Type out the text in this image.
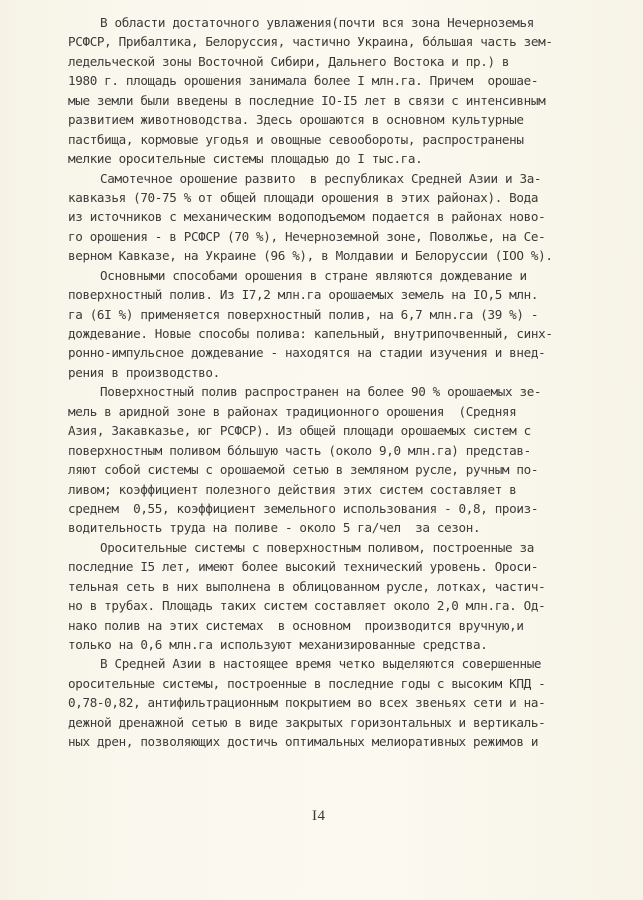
В области достаточного увлажения(почти вся зона Нечерноземья
РСФСР, Прибалтика, Белоруссия, частично Украина, бо́льшая часть зем-
ледельческой зоны Восточной Сибири, Дальнего Востока и пр.) в
1980 г. площадь орошения занимала более I млн.га. Причем  орошае-
мые земли были введены в последние IO-I5 лет в связи с интенсивным
развитием животноводства. Здесь орошаются в основном культурные
пастбища, кормовые угодья и овощные севообороты, распространены
мелкие оросительные системы площадью до I тыс.га.
Самотечное орошение развито  в республиках Средней Азии и За-
кавказья (70-75 % от общей площади орошения в этих районах). Вода
из источников с механическим водоподъемом подается в районах ново-
го орошения - в РСФСР (70 %), Нечерноземной зоне, Поволжье, на Се-
верном Кавказе, на Украине (96 %), в Молдавии и Белоруссии (IOO %).
Основными способами орошения в стране являются дождевание и
поверхностный полив. Из I7,2 млн.га орошаемых земель на IO,5 млн.
га (6I %) применяется поверхностный полив, на 6,7 млн.га (39 %) -
дождевание. Новые способы полива: капельный, внутрипочвенный, синх-
ронно-импульсное дождевание - находятся на стадии изучения и внед-
рения в производство.
Поверхностный полив распространен на более 90 % орошаемых зе-
мель в аридной зоне в районах традиционного орошения  (Средняя
Азия, Закавказье, юг РСФСР). Из общей площади орошаемых систем с
поверхностным поливом бо́льшую часть (около 9,0 млн.га) представ-
ляют собой системы с орошаемой сетью в земляном русле, ручным по-
ливом; коэффициент полезного действия этих систем составляет в
среднем  0,55, коэффициент земельного использования - 0,8, произ-
водительность труда на поливе - около 5 га/чел  за сезон.
Оросительные системы с поверхностным поливом, построенные за
последние I5 лет, имеют более высокий технический уровень. Ороси-
тельная сеть в них выполнена в облицованном русле, лотках, частич-
но в трубах. Площадь таких систем составляет около 2,0 млн.га. Од-
нако полив на этих системах  в основном  производится вручную,и
только на 0,6 млн.га используют механизированные средства.
В Средней Азии в настоящее время четко выделяются совершенные
оросительные системы, построенные в последние годы с высоким КПД -
0,78-0,82, антифильтрационным покрытием во всех звеньях сети и на-
дежной дренажной сетью в виде закрытых горизонтальных и вертикаль-
ных дрен, позволяющих достичь оптимальных мелиоративных режимов и
I4
